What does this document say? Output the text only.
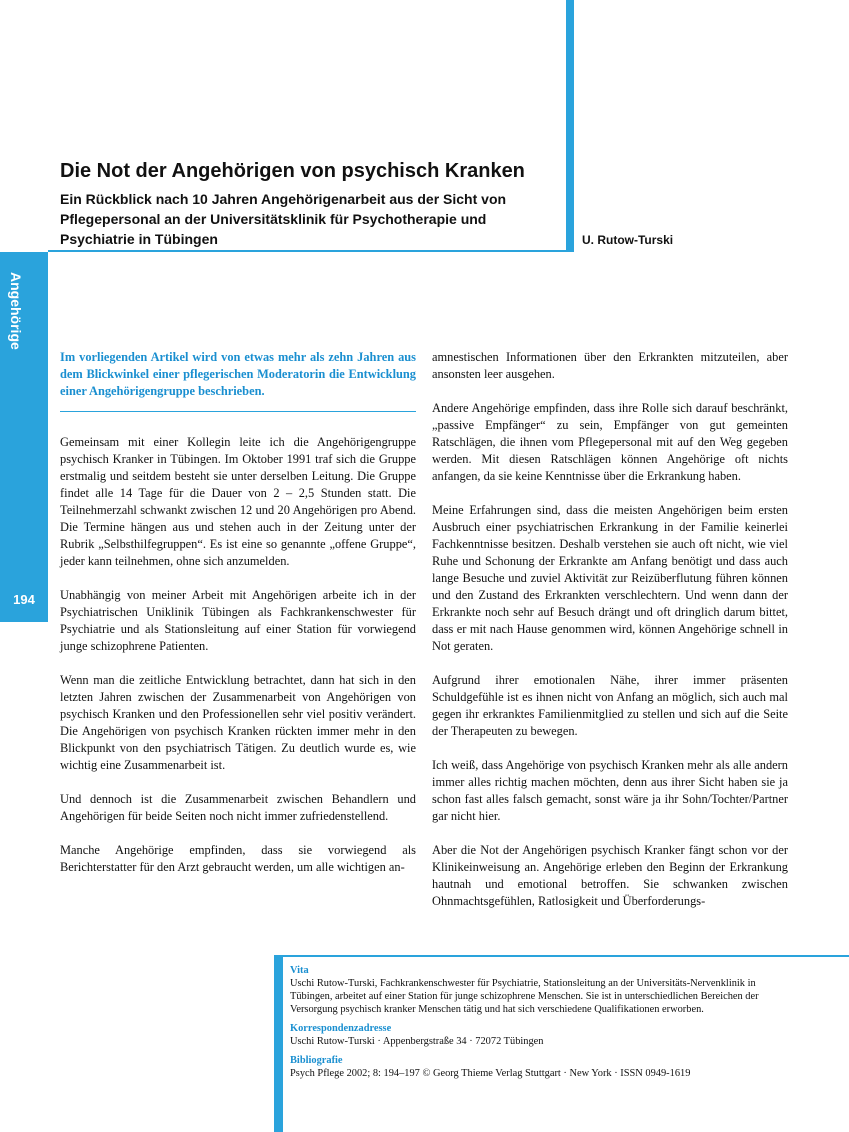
Die Not der Angehörigen von psychisch Kranken
Ein Rückblick nach 10 Jahren Angehörigenarbeit aus der Sicht von Pflegepersonal an der Universitätsklinik für Psychotherapie und Psychiatrie in Tübingen	U. Rutow-Turski
Angehörige
194

Im vorliegenden Artikel wird von etwas mehr als zehn Jahren aus dem Blickwinkel einer pflegerischen Moderatorin die Entwicklung einer Angehörigengruppe beschrieben.

Gemeinsam mit einer Kollegin leite ich die Angehörigengruppe psychisch Kranker in Tübingen. Im Oktober 1991 traf sich die Gruppe erstmalig und seitdem besteht sie unter derselben Leitung. Die Gruppe findet alle 14 Tage für die Dauer von 2 – 2,5 Stunden statt. Die Teilnehmerzahl schwankt zwischen 12 und 20 Angehörigen pro Abend. Die Termine hängen aus und stehen auch in der Zeitung unter der Rubrik „Selbsthilfegruppen“. Es ist eine so genannte „offene Gruppe“, jeder kann teilnehmen, ohne sich anzumelden.

Unabhängig von meiner Arbeit mit Angehörigen arbeite ich in der Psychiatrischen Uniklinik Tübingen als Fachkrankenschwester für Psychiatrie und als Stationsleitung auf einer Station für vorwiegend junge schizophrene Patienten.

Wenn man die zeitliche Entwicklung betrachtet, dann hat sich in den letzten Jahren zwischen der Zusammenarbeit von Angehörigen von psychisch Kranken und den Professionellen sehr viel positiv verändert. Die Angehörigen von psychisch Kranken rückten immer mehr in den Blickpunkt von den psychiatrisch Tätigen. Zu deutlich wurde es, wie wichtig eine Zusammenarbeit ist.

Und dennoch ist die Zusammenarbeit zwischen Behandlern und Angehörigen für beide Seiten noch nicht immer zufriedenstellend.

Manche Angehörige empfinden, dass sie vorwiegend als Berichterstatter für den Arzt gebraucht werden, um alle wichtigen an-

amnestischen Informationen über den Erkrankten mitzuteilen, aber ansonsten leer ausgehen.

Andere Angehörige empfinden, dass ihre Rolle sich darauf beschränkt, „passive Empfänger“ zu sein, Empfänger von gut gemeinten Ratschlägen, die ihnen vom Pflegepersonal mit auf den Weg gegeben werden. Mit diesen Ratschlägen können Angehörige oft nichts anfangen, da sie keine Kenntnisse über die Erkrankung haben.

Meine Erfahrungen sind, dass die meisten Angehörigen beim ersten Ausbruch einer psychiatrischen Erkrankung in der Familie keinerlei Fachkenntnisse besitzen. Deshalb verstehen sie auch oft nicht, wie viel Ruhe und Schonung der Erkrankte am Anfang benötigt und dass auch lange Besuche und zuviel Aktivität zur Reizüberflutung führen können und den Zustand des Erkrankten verschlechtern. Und wenn dann der Erkrankte noch sehr auf Besuch drängt und oft dringlich darum bittet, dass er mit nach Hause genommen wird, können Angehörige schnell in Not geraten.

Aufgrund ihrer emotionalen Nähe, ihrer immer präsenten Schuldgefühle ist es ihnen nicht von Anfang an möglich, sich auch mal gegen ihr erkranktes Familienmitglied zu stellen und sich auf die Seite der Therapeuten zu bewegen.

Ich weiß, dass Angehörige von psychisch Kranken mehr als alle andern immer alles richtig machen möchten, denn aus ihrer Sicht haben sie ja schon fast alles falsch gemacht, sonst wäre ja ihr Sohn/Tochter/Partner gar nicht hier.

Aber die Not der Angehörigen psychisch Kranker fängt schon vor der Klinikeinweisung an. Angehörige erleben den Beginn der Erkrankung hautnah und emotional betroffen. Sie schwanken zwischen Ohnmachtsgefühlen, Ratlosigkeit und Überforderungs-

Vita
Uschi Rutow-Turski, Fachkrankenschwester für Psychiatrie, Stationsleitung an der Universitäts-Nervenklinik in Tübingen, arbeitet auf einer Station für junge schizophrene Menschen. Sie ist in unterschiedlichen Bereichen der Versorgung psychisch kranker Menschen tätig und hat sich verschiedene Qualifikationen erworben.
Korrespondenzadresse
Uschi Rutow-Turski · Appenbergstraße 34 · 72072 Tübingen
Bibliografie
Psych Pflege 2002; 8: 194–197 © Georg Thieme Verlag Stuttgart · New York · ISSN 0949-1619
